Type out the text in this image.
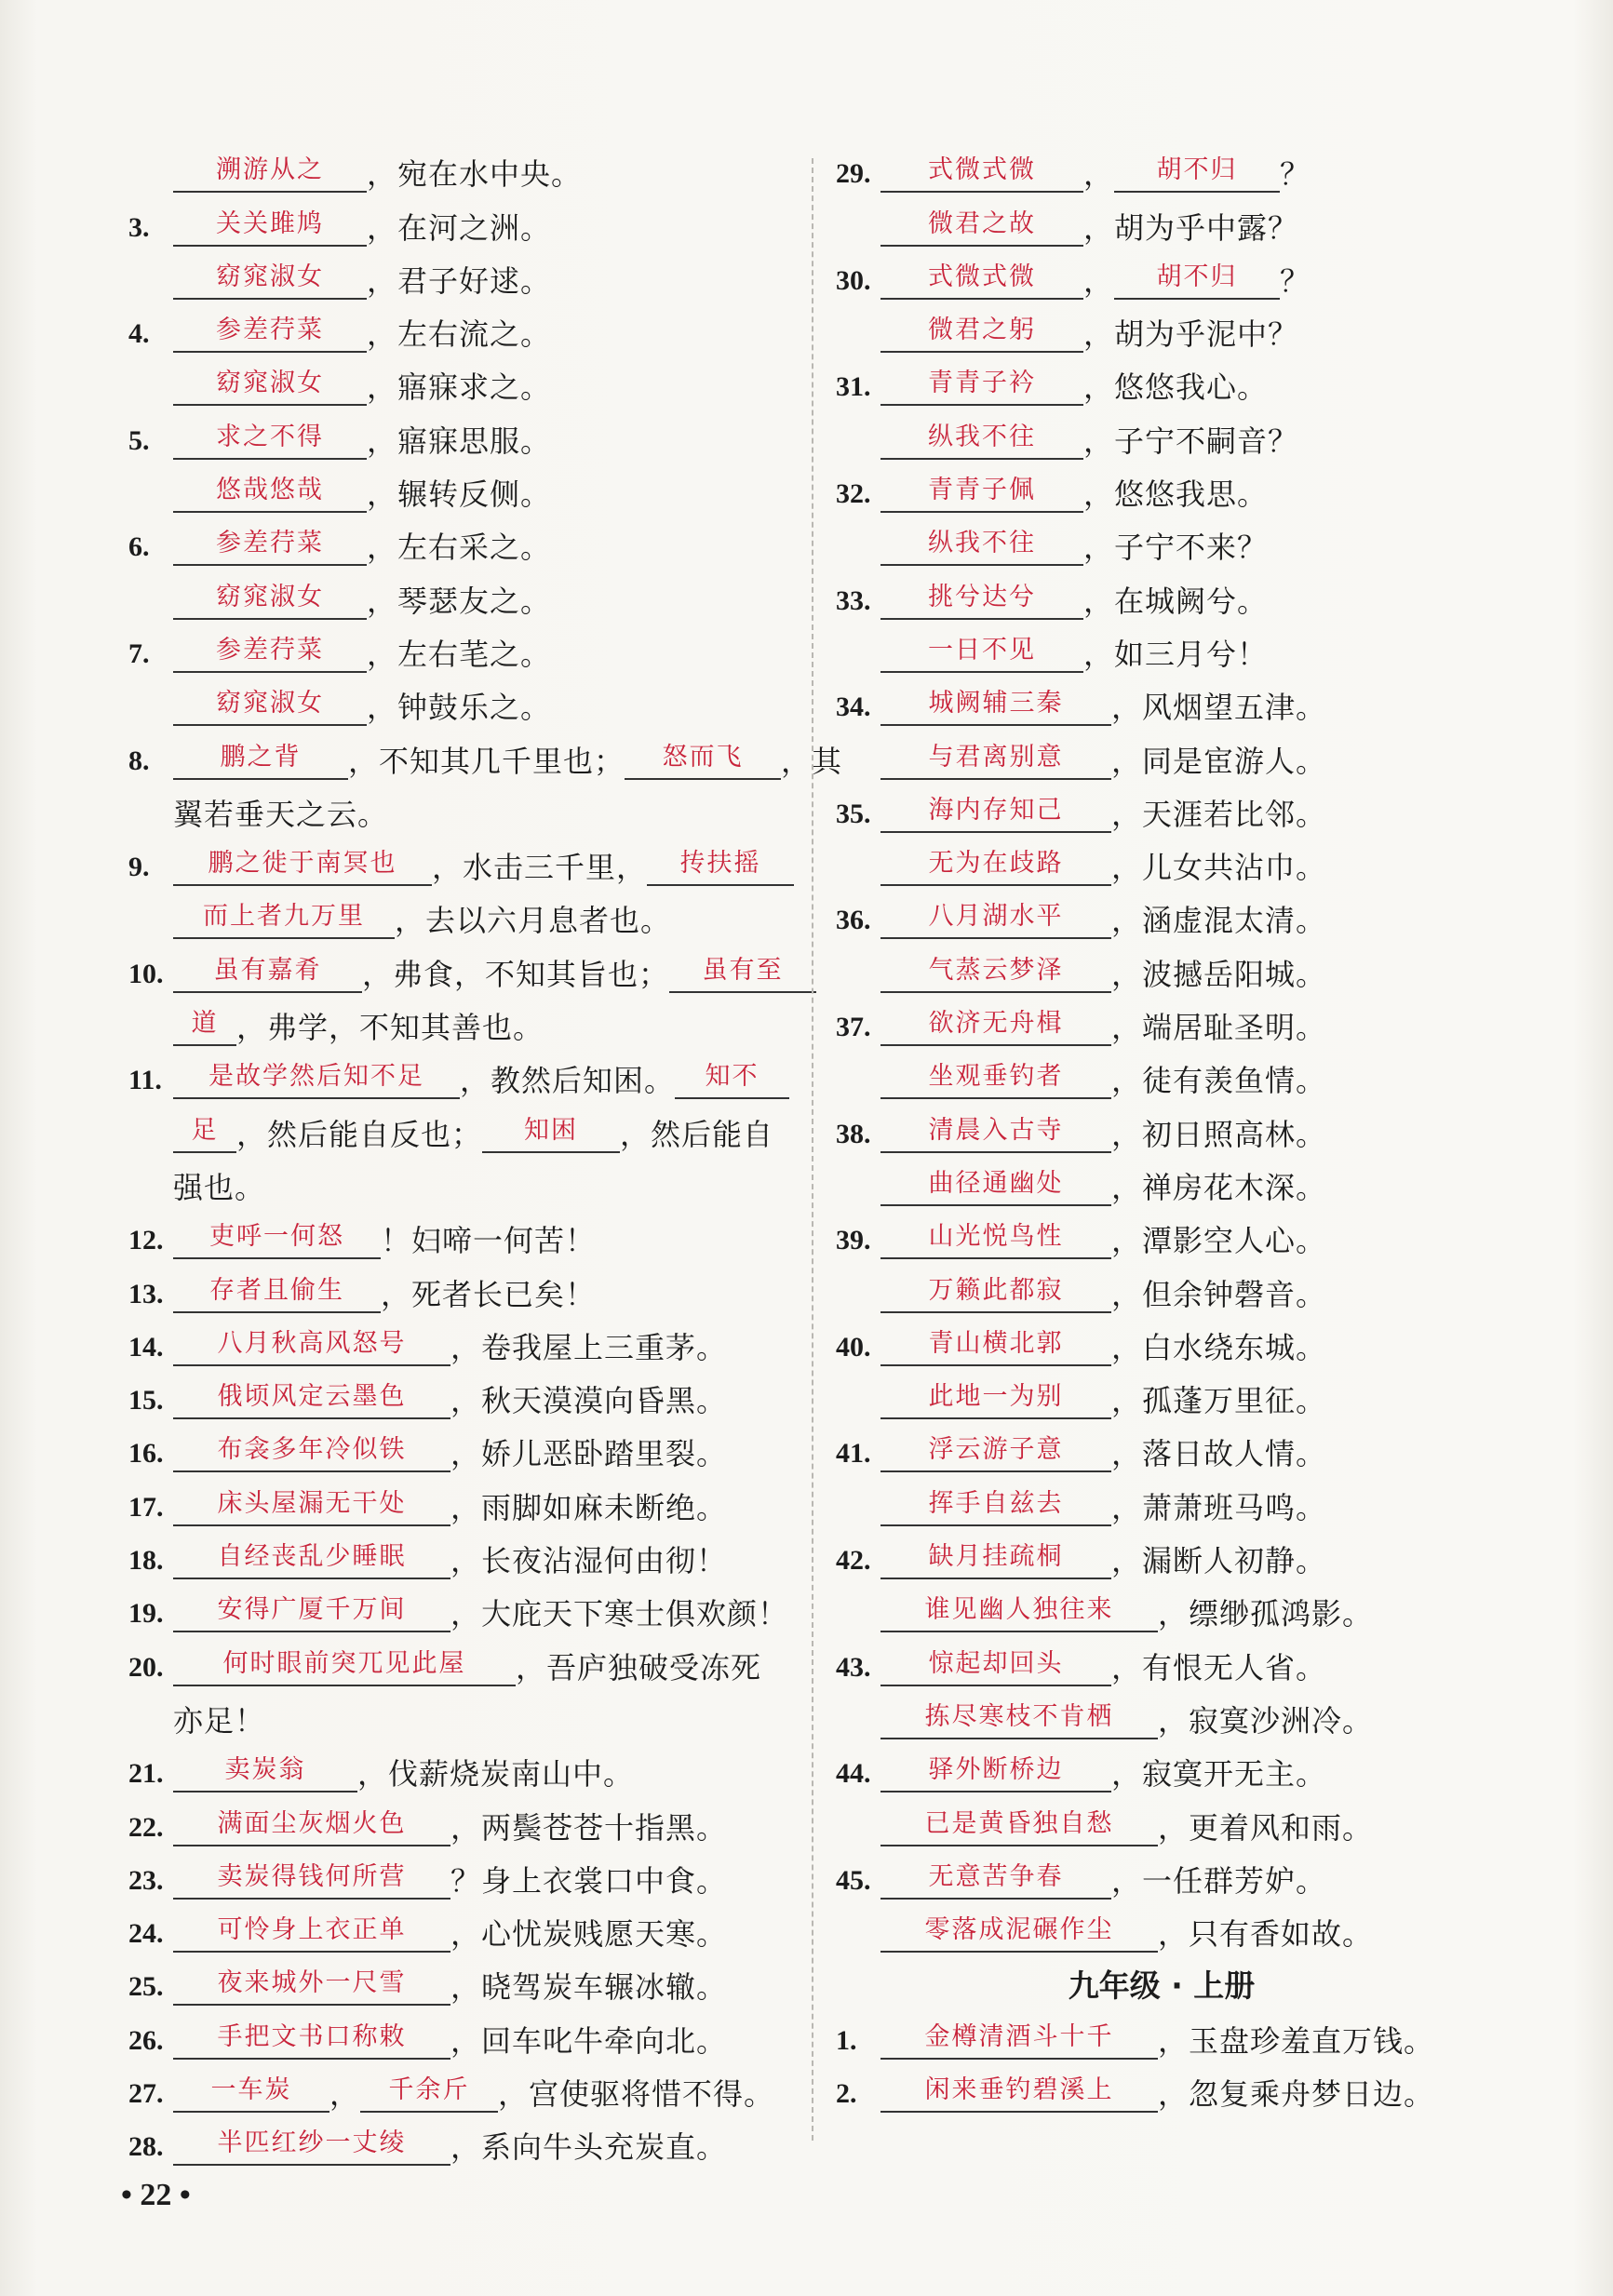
溯游从之	，宛在水中央。
3.	关关雎鸠	，在河之洲。
窈窕淑女	，君子好逑。
4.	参差荇菜	，左右流之。
窈窕淑女	，寤寐求之。
5.	求之不得	，寤寐思服。
悠哉悠哉	，辗转反侧。
6.	参差荇菜	，左右采之。
窈窕淑女	，琴瑟友之。
7.	参差荇菜	，左右芼之。
窈窕淑女	，钟鼓乐之。
8.	鹏之背	，不知其几千里也；	怒而飞	，其
翼若垂天之云。
9.	鹏之徙于南冥也	，水击三千里，	抟扶摇
而上者九万里	，去以六月息者也。
10.	虽有嘉肴	，弗食，不知其旨也；	虽有至
道 ，弗学，不知其善也。
11.	是故学然后知不足	，教然后知困。	知不
足 ，然后能自反也；	知困	，然后能自
强也。
12.	吏呼一何怒	！妇啼一何苦！
13.	存者且偷生	，死者长已矣！
14.	八月秋高风怒号	，卷我屋上三重茅。
15.	俄顷风定云墨色	，秋天漠漠向昏黑。
16.	布衾多年冷似铁	，娇儿恶卧踏里裂。
17.	床头屋漏无干处	，雨脚如麻未断绝。
18.	自经丧乱少睡眠	，长夜沾湿何由彻！
19.	安得广厦千万间	，大庇天下寒士俱欢颜！
20.	何时眼前突兀见此屋	，吾庐独破受冻死
亦足！
21.	卖炭翁	，伐薪烧炭南山中。
22.	满面尘灰烟火色	，两鬓苍苍十指黑。
23.	卖炭得钱何所营	？身上衣裳口中食。
24.	可怜身上衣正单	，心忧炭贱愿天寒。
25.	夜来城外一尺雪	，晓驾炭车辗冰辙。
26.	手把文书口称敕	，回车叱牛牵向北。
27.	一车炭	，	千余斤 ，宫使驱将惜不得。
28.	半匹红纱一丈绫	，系向牛头充炭直。
29.	式微式微	，	胡不归	？
微君之故	，胡为乎中露？
30.	式微式微	，	胡不归	？
微君之躬	，胡为乎泥中？
31.	青青子衿	，悠悠我心。
纵我不往	，子宁不嗣音？
32.	青青子佩	，悠悠我思。
纵我不往	，子宁不来？
33.	挑兮达兮	，在城阙兮。
一日不见	，如三月兮！
34.	城阙辅三秦	，风烟望五津。
与君离别意	，同是宦游人。
35.	海内存知己	，天涯若比邻。
无为在歧路	，儿女共沾巾。
36.	八月湖水平	，涵虚混太清。
气蒸云梦泽	，波撼岳阳城。
37.	欲济无舟楫	，端居耻圣明。
坐观垂钓者	，徒有羡鱼情。
38.	清晨入古寺	，初日照高林。
曲径通幽处	，禅房花木深。
39.	山光悦鸟性	，潭影空人心。
万籁此都寂	，但余钟磬音。
40.	青山横北郭	，白水绕东城。
此地一为别	，孤蓬万里征。
41.	浮云游子意	，落日故人情。
挥手自兹去	，萧萧班马鸣。
42.	缺月挂疏桐	，漏断人初静。
谁见幽人独往来	，缥缈孤鸿影。
43.	惊起却回头	，有恨无人省。
拣尽寒枝不肯栖	，寂寞沙洲冷。
44.	驿外断桥边	，寂寞开无主。
已是黄昏独自愁	，更着风和雨。
45.	无意苦争春	，一任群芳妒。
零落成泥碾作尘	，只有香如故。
九年级 · 上册
1.	金樽清酒斗十千	，玉盘珍羞直万钱。
2.	闲来垂钓碧溪上	，忽复乘舟梦日边。
• 22 •
